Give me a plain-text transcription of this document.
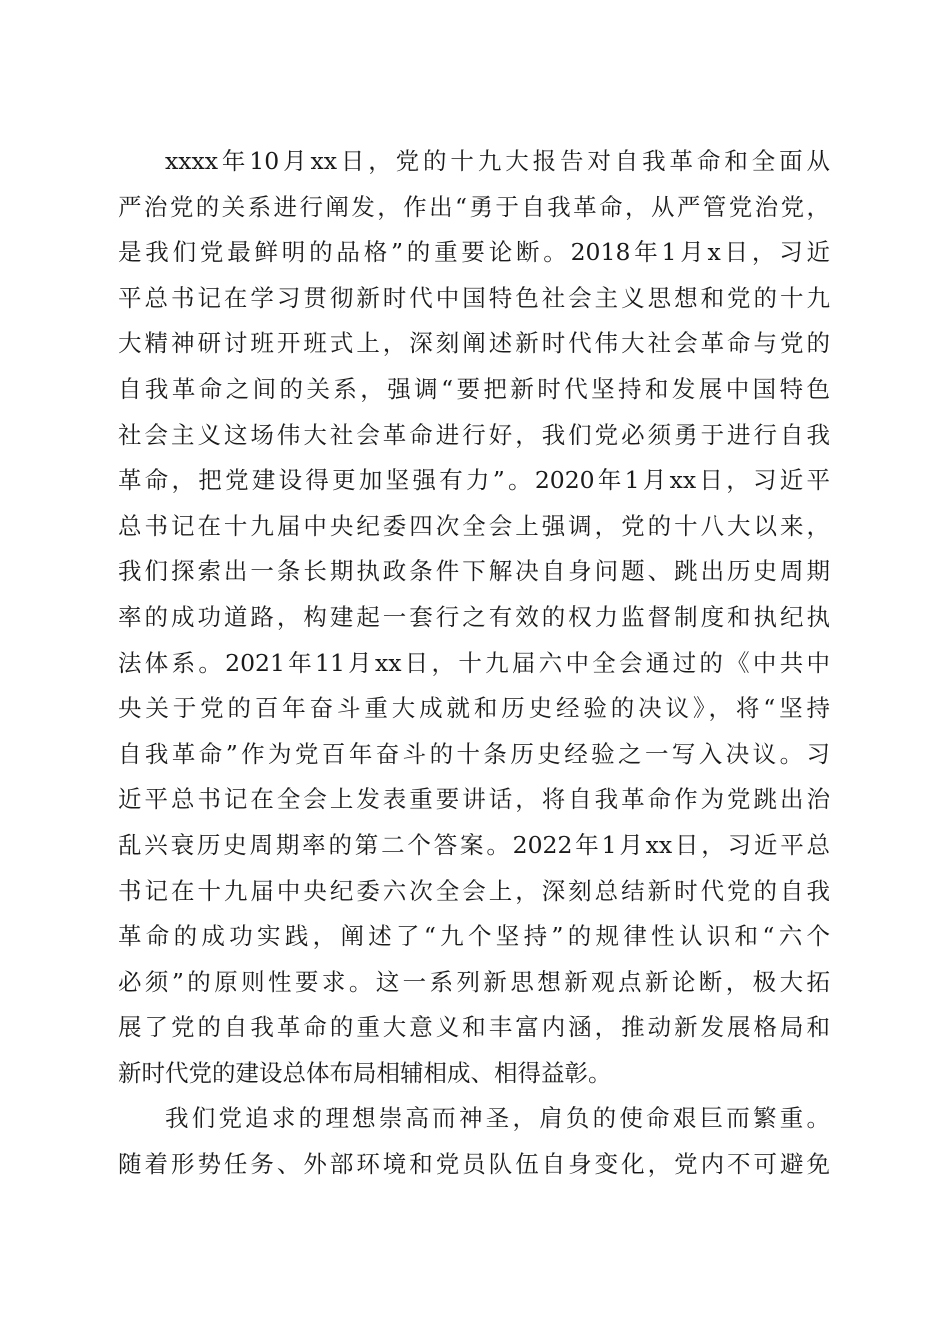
xxxx年10月xx日，党的十九大报告对自我革命和全面从
严治党的关系进行阐发，作出“勇于自我革命，从严管党治党，
是我们党最鲜明的品格”的重要论断。2018年1月x日，习近
平总书记在学习贯彻新时代中国特色社会主义思想和党的十九
大精神研讨班开班式上，深刻阐述新时代伟大社会革命与党的
自我革命之间的关系，强调“要把新时代坚持和发展中国特色
社会主义这场伟大社会革命进行好，我们党必须勇于进行自我
革命，把党建设得更加坚强有力”。2020年1月xx日，习近平
总书记在十九届中央纪委四次全会上强调，党的十八大以来，
我们探索出一条长期执政条件下解决自身问题、跳出历史周期
率的成功道路，构建起一套行之有效的权力监督制度和执纪执
法体系。2021年11月xx日，十九届六中全会通过的《中共中
央关于党的百年奋斗重大成就和历史经验的决议》，将“坚持
自我革命”作为党百年奋斗的十条历史经验之一写入决议。习
近平总书记在全会上发表重要讲话，将自我革命作为党跳出治
乱兴衰历史周期率的第二个答案。2022年1月xx日，习近平总
书记在十九届中央纪委六次全会上，深刻总结新时代党的自我
革命的成功实践，阐述了“九个坚持”的规律性认识和“六个
必须”的原则性要求。这一系列新思想新观点新论断，极大拓
展了党的自我革命的重大意义和丰富内涵，推动新发展格局和
新时代党的建设总体布局相辅相成、相得益彰。
我们党追求的理想崇高而神圣，肩负的使命艰巨而繁重。
随着形势任务、外部环境和党员队伍自身变化，党内不可避免
